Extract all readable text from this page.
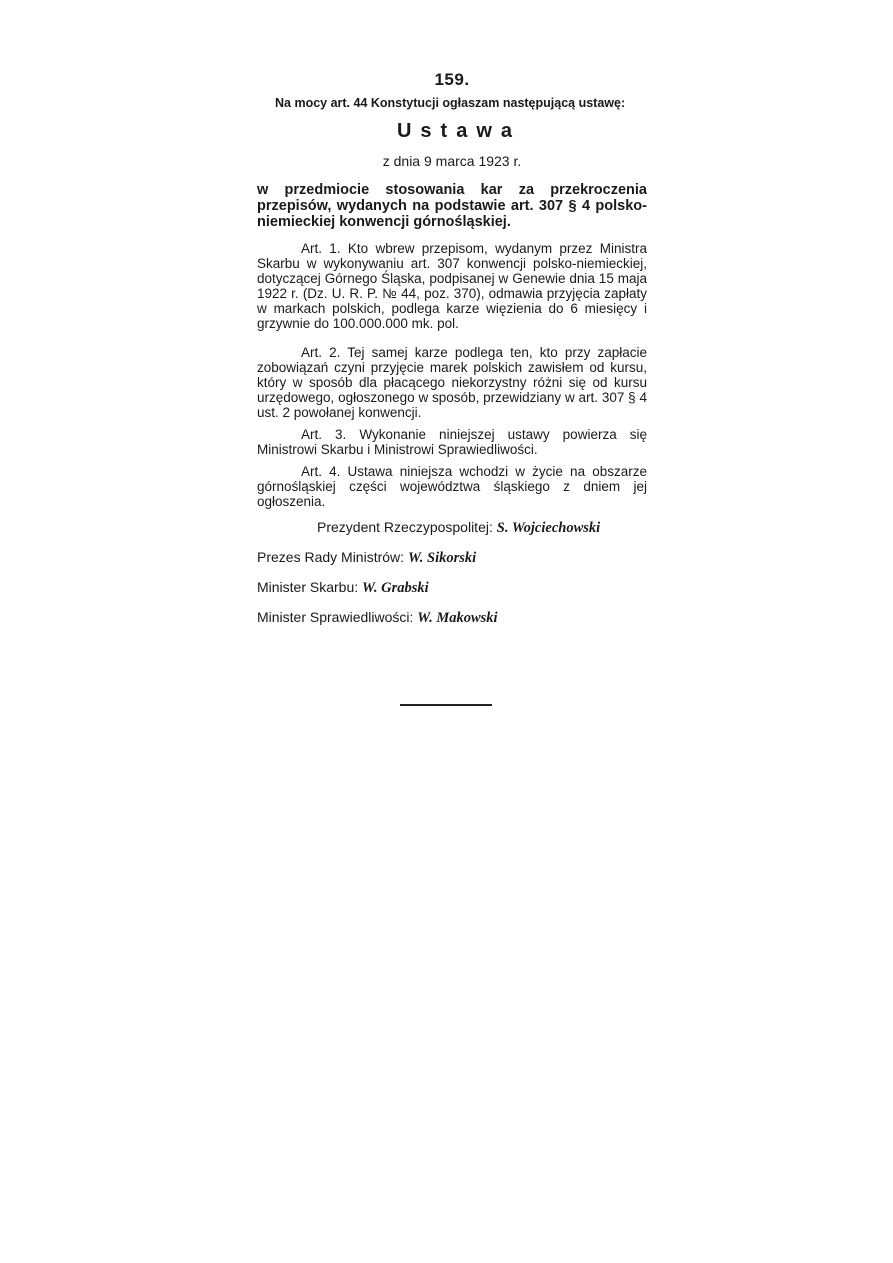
159.

Na mocy art. 44 Konstytucji ogłaszam następującą ustawę:

Ustawa
z dnia 9 marca 1923 r.

w przedmiocie stosowania kar za przekroczenia przepisów, wydanych na podstawie art. 307 § 4 polsko-niemieckiej konwencji górnośląskiej.

Art. 1. Kto wbrew przepisom, wydanym przez Ministra Skarbu w wykonywaniu art. 307 konwencji polsko-niemieckiej, dotyczącej Górnego Śląska, podpisanej w Genewie dnia 15 maja 1922 r. (Dz. U. R. P. № 44, poz. 370), odmawia przyjęcia zapłaty w markach polskich, podlega karze więzienia do 6 miesięcy i grzywnie do 100.000.000 mk. pol.

Art. 2. Tej samej karze podlega ten, kto przy zapłacie zobowiązań czyni przyjęcie marek polskich zawisłem od kursu, który w sposób dla płacącego niekorzystny różni się od kursu urzędowego, ogłoszonego w sposób, przewidziany w art. 307 § 4 ust. 2 powołanej konwencji.

Art. 3. Wykonanie niniejszej ustawy powierza się Ministrowi Skarbu i Ministrowi Sprawiedliwości.

Art. 4. Ustawa niniejsza wchodzi w życie na obszarze górnośląskiej części województwa śląskiego z dniem jej ogłoszenia.

Prezydent Rzeczypospolitej: S. Wojciechowski
Prezes Rady Ministrów: W. Sikorski
Minister Skarbu: W. Grabski
Minister Sprawiedliwości: W. Makowski
